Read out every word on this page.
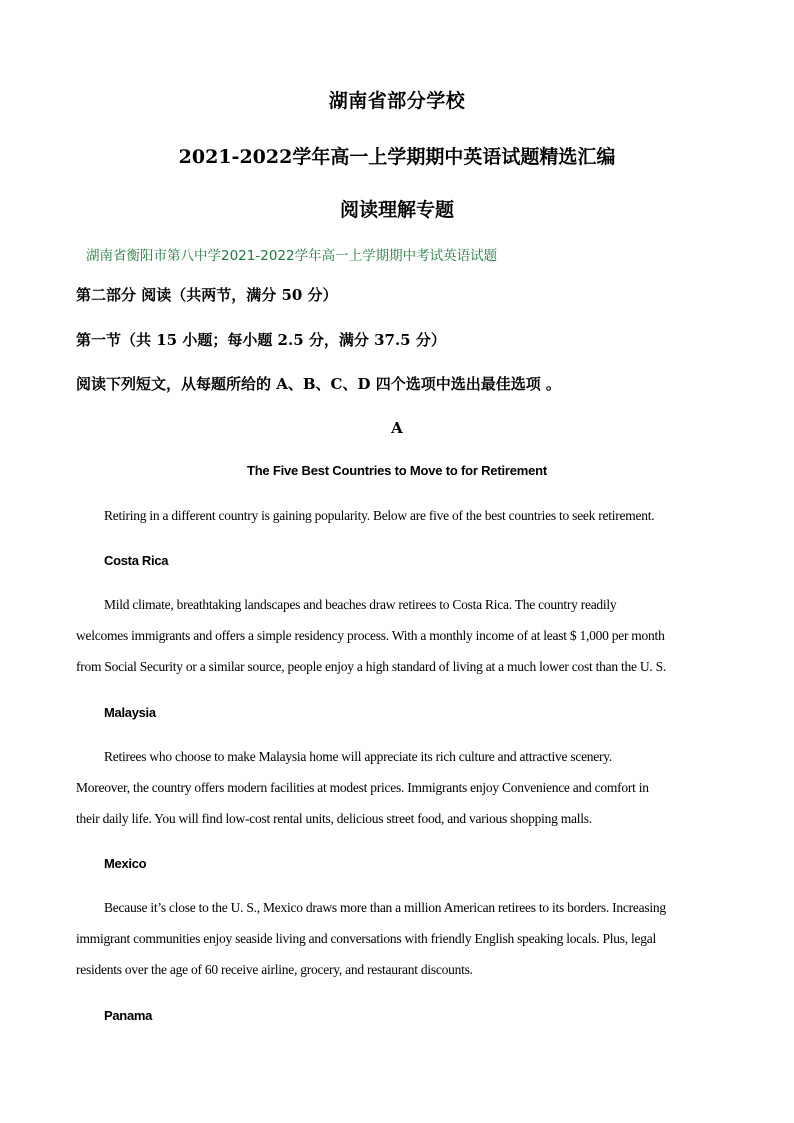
湖南省部分学校
2021-2022学年高一上学期期中英语试题精选汇编
阅读理解专题
湖南省衡阳市第八中学2021-2022学年高一上学期期中考试英语试题
第二部分 阅读（共两节，满分 50 分）
第一节（共 15 小题；每小题 2.5 分，满分 37.5 分）
阅读下列短文，从每题所给的 A、B、C、D 四个选项中选出最佳选项 。
A
The Five Best Countries to Move to for Retirement
Retiring in a different country is gaining popularity. Below are five of the best countries to seek retirement.
Costa Rica
Mild climate, breathtaking landscapes and beaches draw retirees to Costa Rica. The country readily
welcomes immigrants and offers a simple residency process. With a monthly income of at least $ 1,000 per month
from Social Security or a similar source, people enjoy a high standard of living at a much lower cost than the U. S.
Malaysia
Retirees who choose to make Malaysia home will appreciate its rich culture and attractive scenery.
Moreover, the country offers modern facilities at modest prices. Immigrants enjoy Convenience and comfort in
their daily life. You will find low-cost rental units, delicious street food, and various shopping malls.
Mexico
Because it’s close to the U. S., Mexico draws more than a million American retirees to its borders. Increasing
immigrant communities enjoy seaside living and conversations with friendly English speaking locals. Plus, legal
residents over the age of 60 receive airline, grocery, and restaurant discounts.
Panama
